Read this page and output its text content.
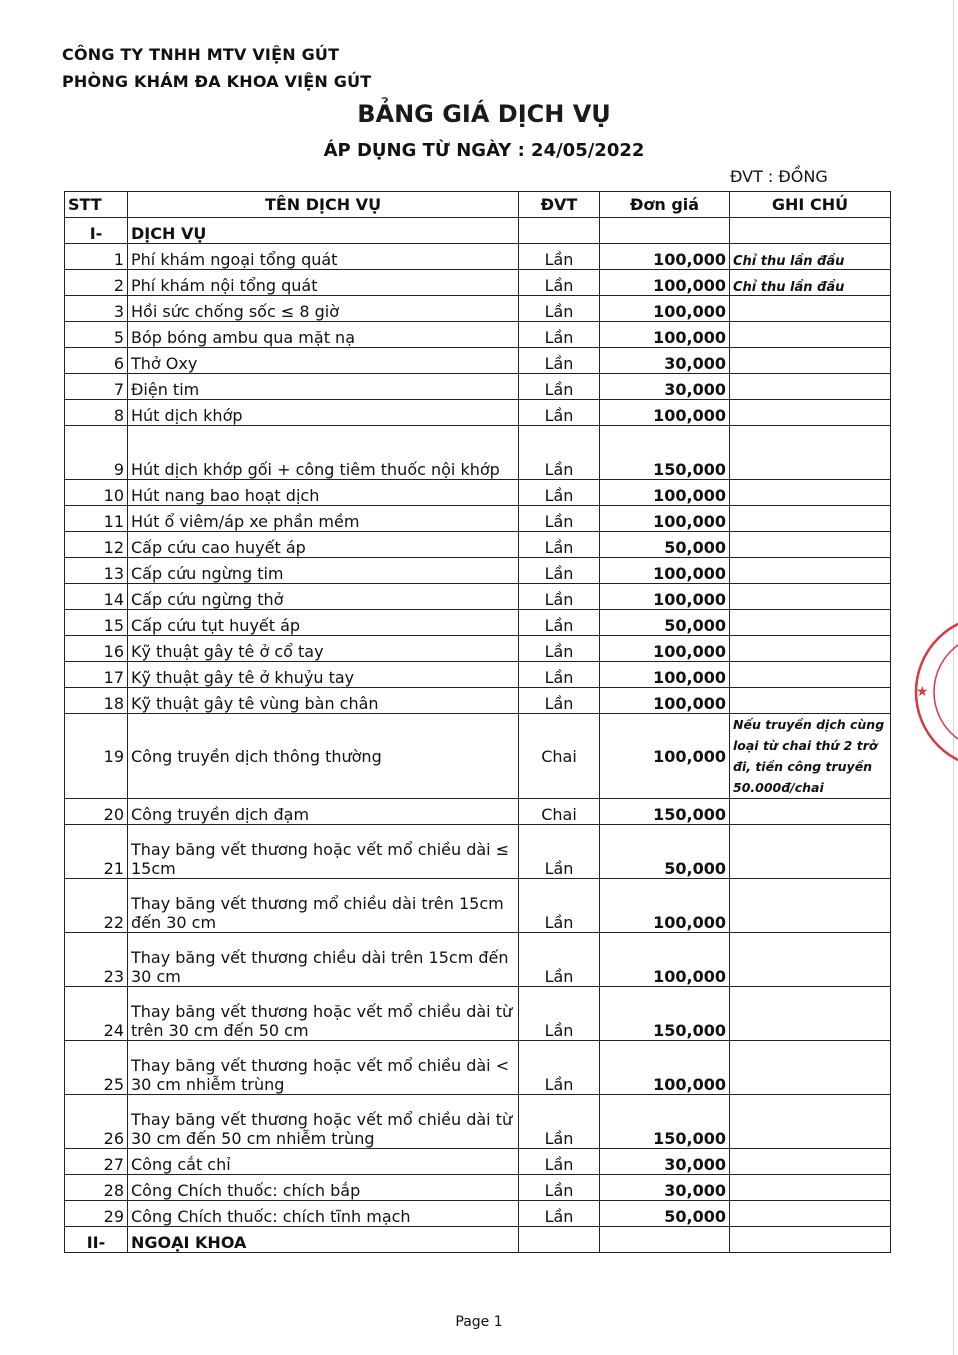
CÔNG TY TNHH MTV VIỆN GÚT
PHÒNG KHÁM ĐA KHOA VIỆN GÚT
BẢNG GIÁ DỊCH VỤ
ÁP DỤNG TỪ NGÀY : 24/05/2022
ĐVT : ĐỒNG
STT	TÊN DỊCH VỤ	ĐVT	Đơn giá	GHI CHÚ
I-	DỊCH VỤ			
1	Phí khám ngoại tổng quát	Lần	100,000	Chỉ thu lần đầu
2	Phí khám nội tổng quát	Lần	100,000	Chỉ thu lần đầu
3	Hồi sức chống sốc ≤ 8 giờ	Lần	100,000	
5	Bóp bóng ambu qua mặt nạ	Lần	100,000	
6	Thở Oxy	Lần	30,000	
7	Điện tim	Lần	30,000	
8	Hút dịch khớp	Lần	100,000	
9	Hút dịch khớp gối + công tiêm thuốc nội khớp	Lần	150,000	
10	Hút nang bao hoạt dịch	Lần	100,000	
11	Hút ổ viêm/áp xe phần mềm	Lần	100,000	
12	Cấp cứu cao huyết áp	Lần	50,000	
13	Cấp cứu ngừng tim	Lần	100,000	
14	Cấp cứu ngừng thở	Lần	100,000	
15	Cấp cứu tụt huyết áp	Lần	50,000	
16	Kỹ thuật gây tê ở cổ tay	Lần	100,000	
17	Kỹ thuật gây tê ở khuỷu tay	Lần	100,000	
18	Kỹ thuật gây tê vùng bàn chân	Lần	100,000	
19	Công truyền dịch thông thường	Chai	100,000	Nếu truyền dịch cùng loại từ chai thứ 2 trở đi, tiền công truyền 50.000đ/chai
20	Công truyền dịch đạm	Chai	150,000	
21	Thay băng vết thương hoặc vết mổ chiều dài ≤ 15cm	Lần	50,000	
22	Thay băng vết thương mổ chiều dài trên 15cm đến 30 cm	Lần	100,000	
23	Thay băng vết thương chiều dài trên 15cm đến 30 cm	Lần	100,000	
24	Thay băng vết thương hoặc vết mổ chiều dài từ trên 30 cm đến 50 cm	Lần	150,000	
25	Thay băng vết thương hoặc vết mổ chiều dài < 30 cm nhiễm trùng	Lần	100,000	
26	Thay băng vết thương hoặc vết mổ chiều dài từ 30 cm đến 50 cm nhiễm trùng	Lần	150,000	
27	Công cắt chỉ	Lần	30,000	
28	Công Chích thuốc: chích bắp	Lần	30,000	
29	Công Chích thuốc: chích tĩnh mạch	Lần	50,000	
II-	NGOẠI KHOA			
★
Page 1
